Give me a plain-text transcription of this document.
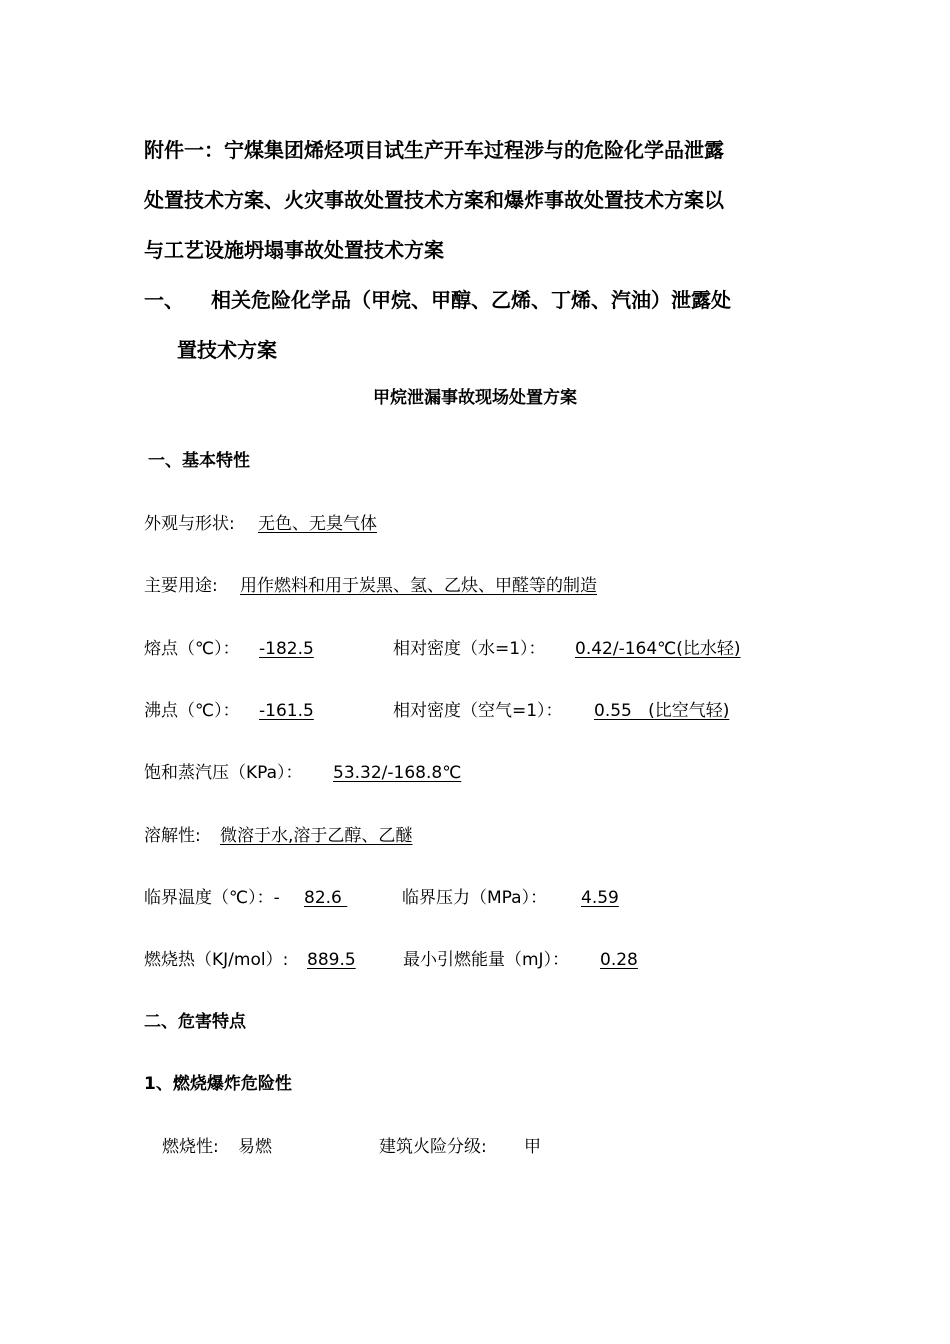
附件一：宁煤集团烯烃项目试生产开车过程涉与的危险化学品泄露
处置技术方案、火灾事故处置技术方案和爆炸事故处置技术方案以
与工艺设施坍塌事故处置技术方案
一、 相关危险化学品（甲烷、甲醇、乙烯、丁烯、汽油）泄露处
置技术方案
甲烷泄漏事故现场处置方案
一、基本特性
外观与形状: 无色、无臭气体
主要用途: 用作燃料和用于炭黑、氢、乙炔、甲醛等的制造
熔点（℃）： -182.5	相对密度（水=1）： 0.42/-164℃(比水轻)
沸点（℃）： -161.5	相对密度（空气=1）： 0.55   (比空气轻)
饱和蒸汽压（KPa）： 53.32/-168.8℃
溶解性: 微溶于水,溶于乙醇、乙醚
临界温度（℃）：- 82.6	临界压力（MPa）： 4.59
燃烧热（KJ/mol）: 889.5	最小引燃能量（mJ）： 0.28
二、危害特点
1、燃烧爆炸危险性
燃烧性: 易燃	建筑火险分级: 甲
